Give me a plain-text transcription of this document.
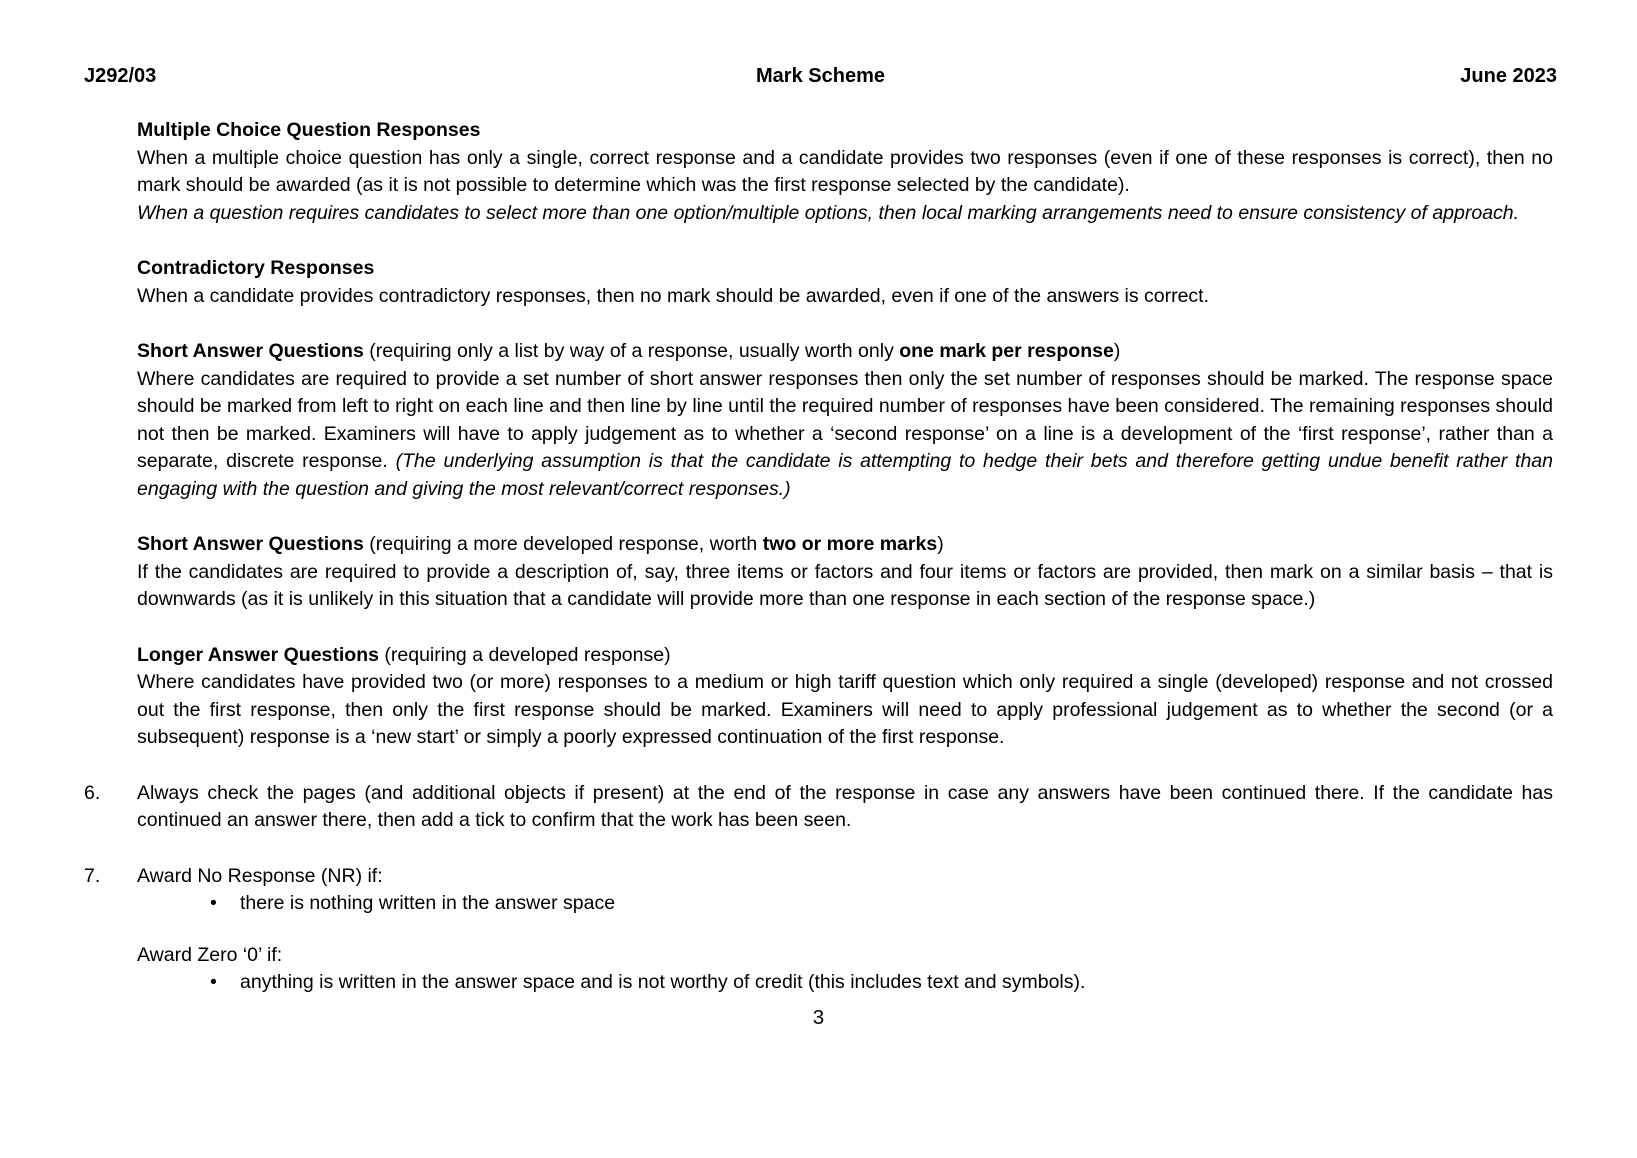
J292/03	Mark Scheme	June 2023
Multiple Choice Question Responses

When a multiple choice question has only a single, correct response and a candidate provides two responses (even if one of these responses is correct), then no mark should be awarded (as it is not possible to determine which was the first response selected by the candidate).

When a question requires candidates to select more than one option/multiple options, then local marking arrangements need to ensure consistency of approach.

Contradictory Responses

When a candidate provides contradictory responses, then no mark should be awarded, even if one of the answers is correct.

Short Answer Questions (requiring only a list by way of a response, usually worth only one mark per response)

Where candidates are required to provide a set number of short answer responses then only the set number of responses should be marked. The response space should be marked from left to right on each line and then line by line until the required number of responses have been considered. The remaining responses should not then be marked. Examiners will have to apply judgement as to whether a ‘second response’ on a line is a development of the ‘first response’, rather than a separate, discrete response. (The underlying assumption is that the candidate is attempting to hedge their bets and therefore getting undue benefit rather than engaging with the question and giving the most relevant/correct responses.)

Short Answer Questions (requiring a more developed response, worth two or more marks)

If the candidates are required to provide a description of, say, three items or factors and four items or factors are provided, then mark on a similar basis – that is downwards (as it is unlikely in this situation that a candidate will provide more than one response in each section of the response space.)

Longer Answer Questions (requiring a developed response)

Where candidates have provided two (or more) responses to a medium or high tariff question which only required a single (developed) response and not crossed out the first response, then only the first response should be marked. Examiners will need to apply professional judgement as to whether the second (or a subsequent) response is a ‘new start’ or simply a poorly expressed continuation of the first response.

6.	Always check the pages (and additional objects if present) at the end of the response in case any answers have been continued there. If the candidate has continued an answer there, then add a tick to confirm that the work has been seen.
7.	Award No Response (NR) if:
•	there is nothing written in the answer space
Award Zero ‘0’ if:
•	anything is written in the answer space and is not worthy of credit (this includes text and symbols).
3
